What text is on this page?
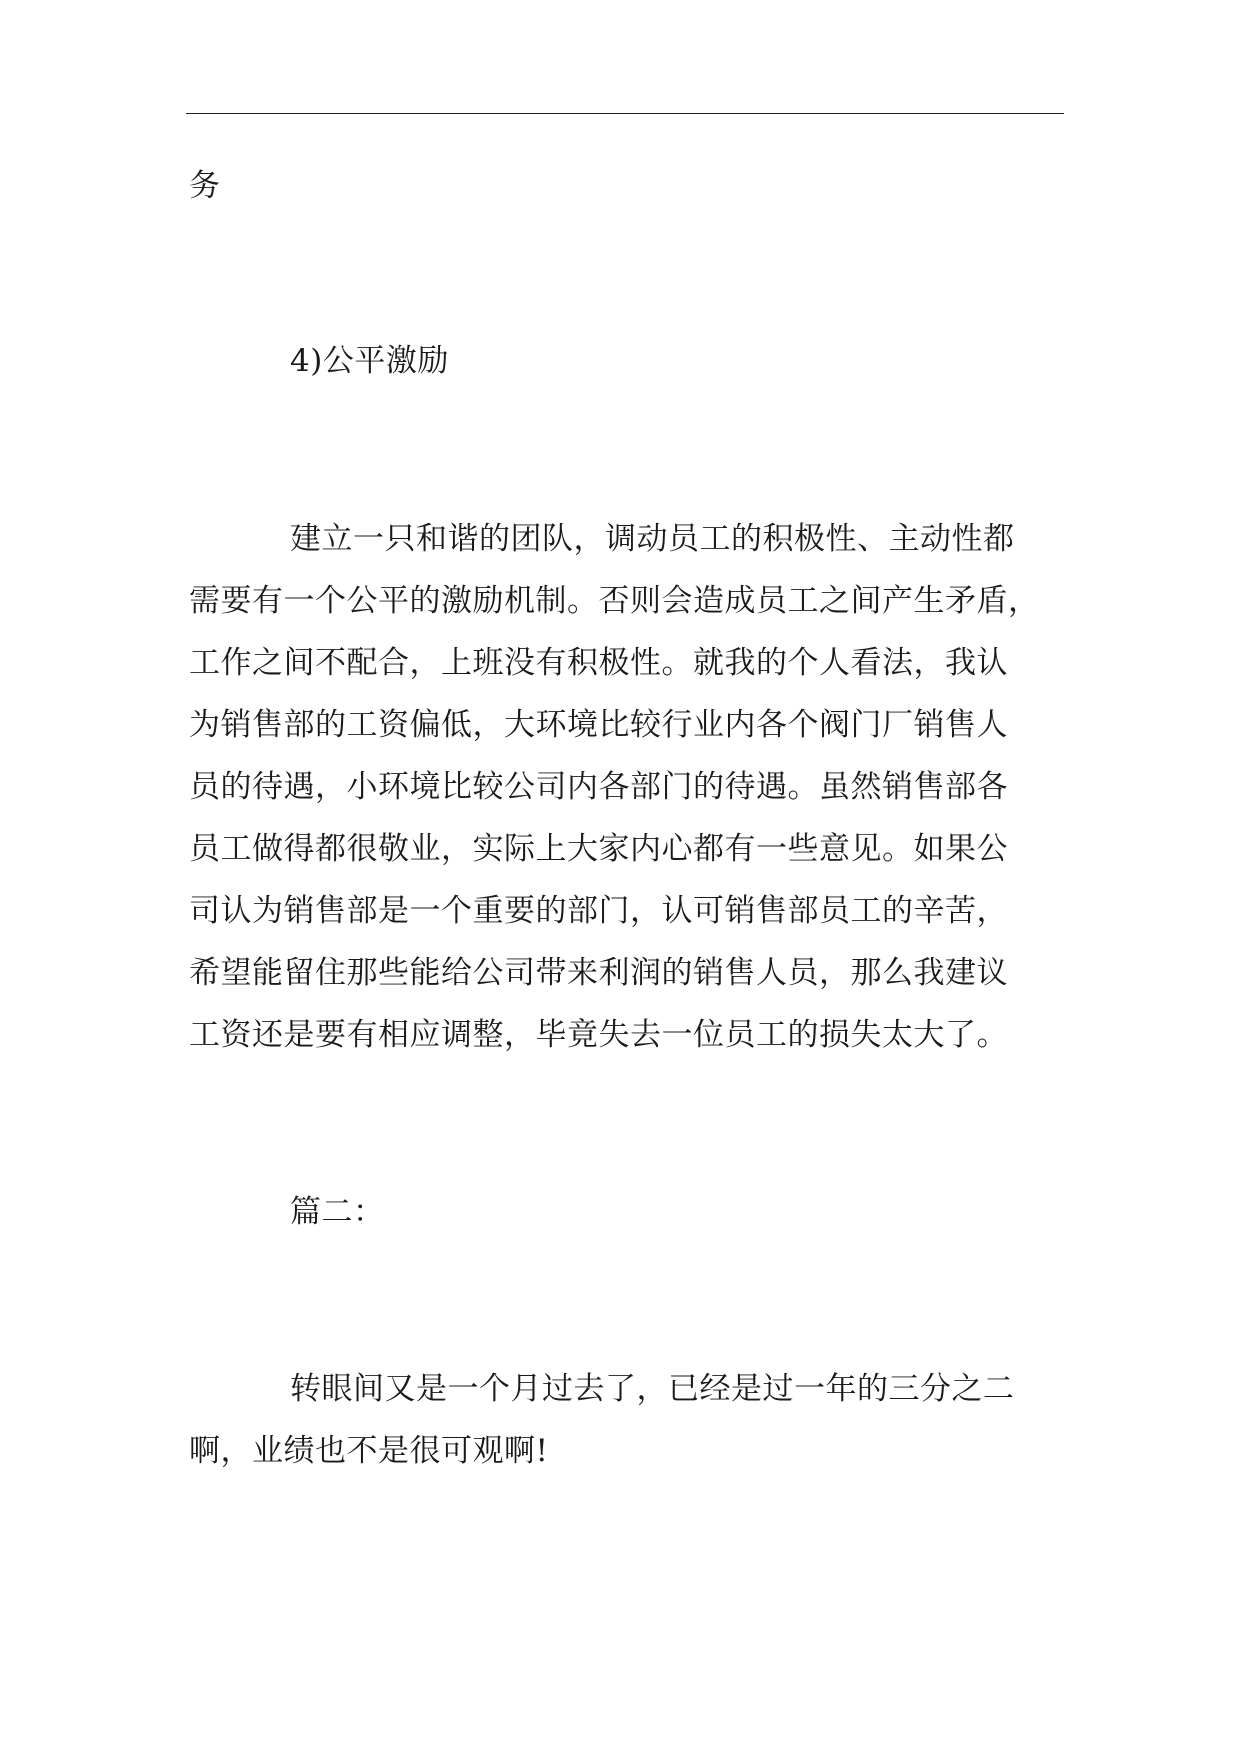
务
4)公平激励
建立一只和谐的团队，调动员工的积极性、主动性都
需要有一个公平的激励机制。否则会造成员工之间产生矛盾，
工作之间不配合，上班没有积极性。就我的个人看法，我认
为销售部的工资偏低，大环境比较行业内各个阀门厂销售人
员的待遇，小环境比较公司内各部门的待遇。虽然销售部各
员工做得都很敬业，实际上大家内心都有一些意见。如果公
司认为销售部是一个重要的部门，认可销售部员工的辛苦，
希望能留住那些能给公司带来利润的销售人员，那么我建议
工资还是要有相应调整，毕竟失去一位员工的损失太大了。
篇二：
转眼间又是一个月过去了，已经是过一年的三分之二
啊，业绩也不是很可观啊!
